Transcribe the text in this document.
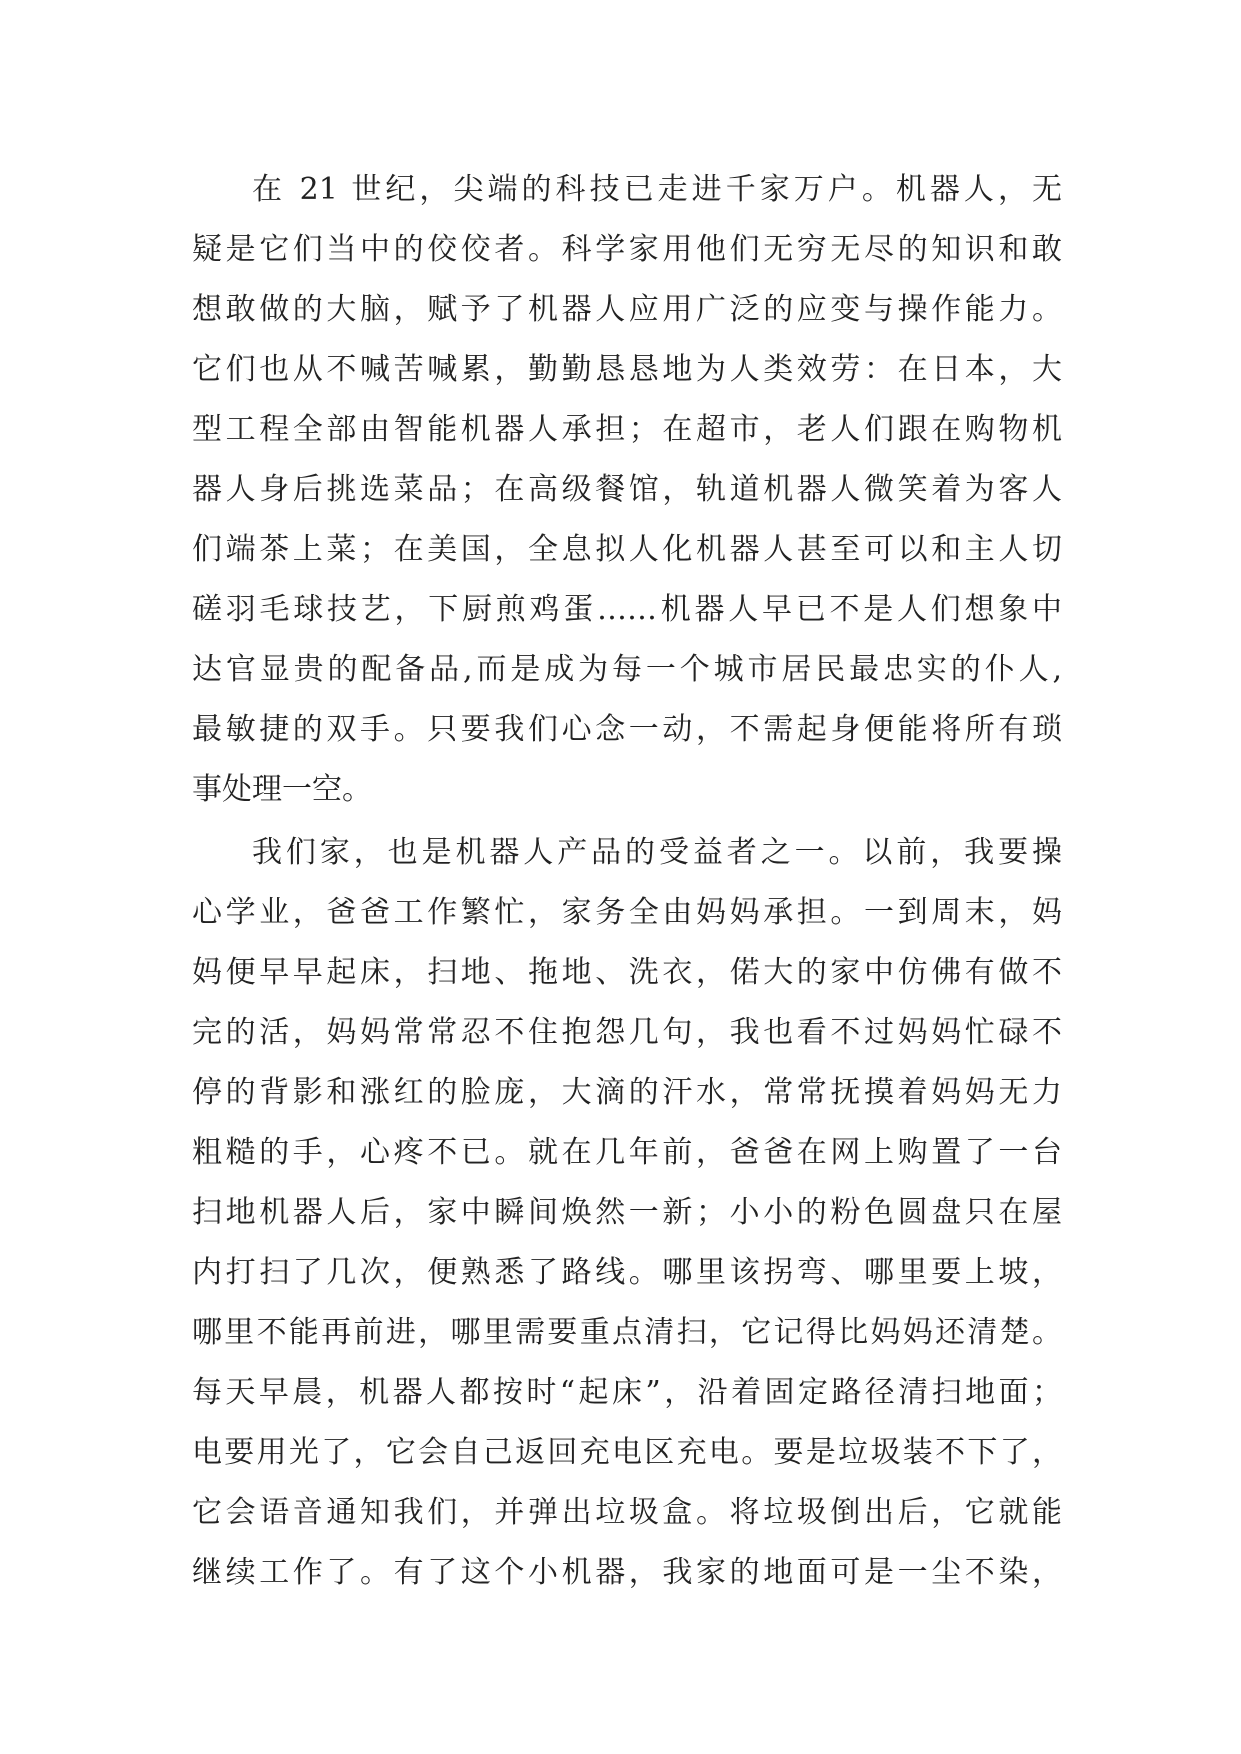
在 21 世纪，尖端的科技已走进千家万户。机器人，无
疑是它们当中的佼佼者。科学家用他们无穷无尽的知识和敢
想敢做的大脑，赋予了机器人应用广泛的应变与操作能力。
它们也从不喊苦喊累，勤勤恳恳地为人类效劳：在日本，大
型工程全部由智能机器人承担；在超市，老人们跟在购物机
器人身后挑选菜品；在高级餐馆，轨道机器人微笑着为客人
们端茶上菜；在美国，全息拟人化机器人甚至可以和主人切
磋羽毛球技艺，下厨煎鸡蛋……机器人早已不是人们想象中
达官显贵的配备品,而是成为每一个城市居民最忠实的仆人,
最敏捷的双手。只要我们心念一动，不需起身便能将所有琐
事处理一空。
我们家，也是机器人产品的受益者之一。以前，我要操
心学业，爸爸工作繁忙，家务全由妈妈承担。一到周末，妈
妈便早早起床，扫地、拖地、洗衣，偌大的家中仿佛有做不
完的活，妈妈常常忍不住抱怨几句，我也看不过妈妈忙碌不
停的背影和涨红的脸庞，大滴的汗水，常常抚摸着妈妈无力
粗糙的手，心疼不已。就在几年前，爸爸在网上购置了一台
扫地机器人后，家中瞬间焕然一新；小小的粉色圆盘只在屋
内打扫了几次，便熟悉了路线。哪里该拐弯、哪里要上坡，
哪里不能再前进，哪里需要重点清扫，它记得比妈妈还清楚。
每天早晨，机器人都按时“起床”，沿着固定路径清扫地面；
电要用光了，它会自己返回充电区充电。要是垃圾装不下了，
它会语音通知我们，并弹出垃圾盒。将垃圾倒出后，它就能
继续工作了。有了这个小机器，我家的地面可是一尘不染，
